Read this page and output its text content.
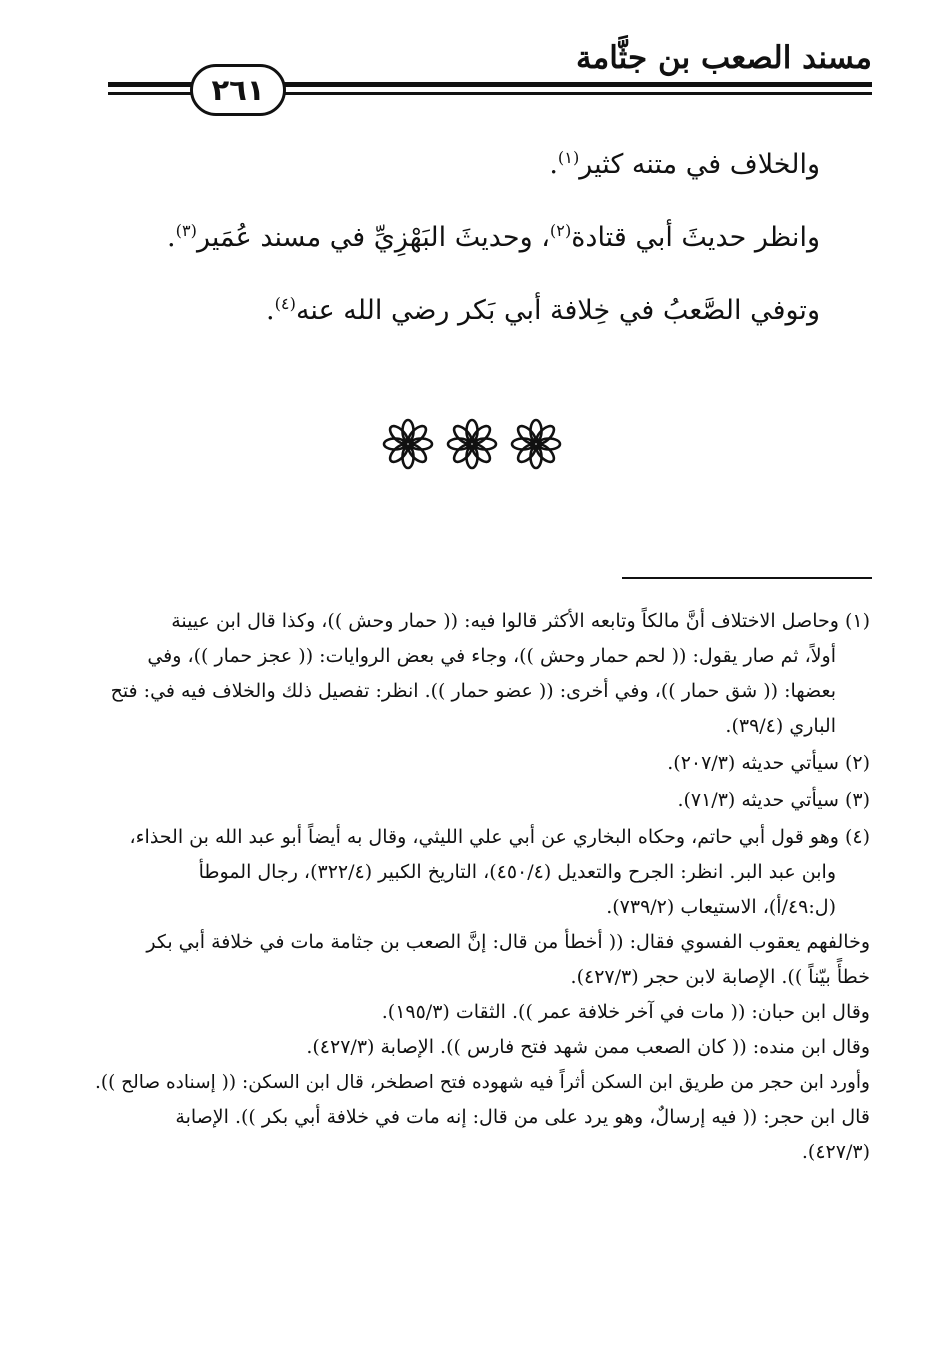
مسند الصعب بن جثَّامة
٢٦١

والخلاف في متنه كثير$^{(١)}$.

وانظر حديثَ أبي قتادة$^{(٢)}$، وحديثَ البَهْزِيِّ في مسند عُمَير$^{(٣)}$.

وتوفي الصَّعبُ في خِلافة أبي بَكر رضي الله عنه$^{(٤)}$.

(١) وحاصل الاختلاف أنَّ مالكاً وتابعه الأكثر قالوا فيه: (( حمار وحش ))، وكذا قال ابن عيينة

أولاً، ثم صار يقول: (( لحم حمار وحش ))، وجاء في بعض الروايات: (( عجز حمار ))، وفي

بعضها: (( شق حمار ))، وفي أخرى: (( عضو حمار )). انظر: تفصيل ذلك والخلاف فيه في: فتح

الباري (٣٩/٤).

(٢) سيأتي حديثه (٢٠٧/٣).

(٣) سيأتي حديثه (٧١/٣).

(٤) وهو قول أبي حاتم، وحكاه البخاري عن أبي علي الليثي، وقال به أيضاً أبو عبد الله بن الحذاء،

وابن عبد البر. انظر: الجرح والتعديل (٤٥٠/٤)، التاريخ الكبير (٣٢٢/٤)، رجال الموطأ

(ل:٤٩/أ)، الاستيعاب (٧٣٩/٢).

وخالفهم يعقوب الفسوي فقال: (( أخطأ من قال: إنَّ الصعب بن جثامة مات في خلافة أبي بكر

خطأً بيّناً )). الإصابة لابن حجر (٤٢٧/٣).

وقال ابن حبان: (( مات في آخر خلافة عمر )). الثقات (١٩٥/٣).

وقال ابن منده: (( كان الصعب ممن شهد فتح فارس )). الإصابة (٤٢٧/٣).

وأورد ابن حجر من طريق ابن السكن أثراً فيه شهوده فتح اصطخر، قال ابن السكن: (( إسناده صالح )).

قال ابن حجر: (( فيه إرسالٌ، وهو يرد على من قال: إنه مات في خلافة أبي بكر )). الإصابة

(٤٢٧/٣).
